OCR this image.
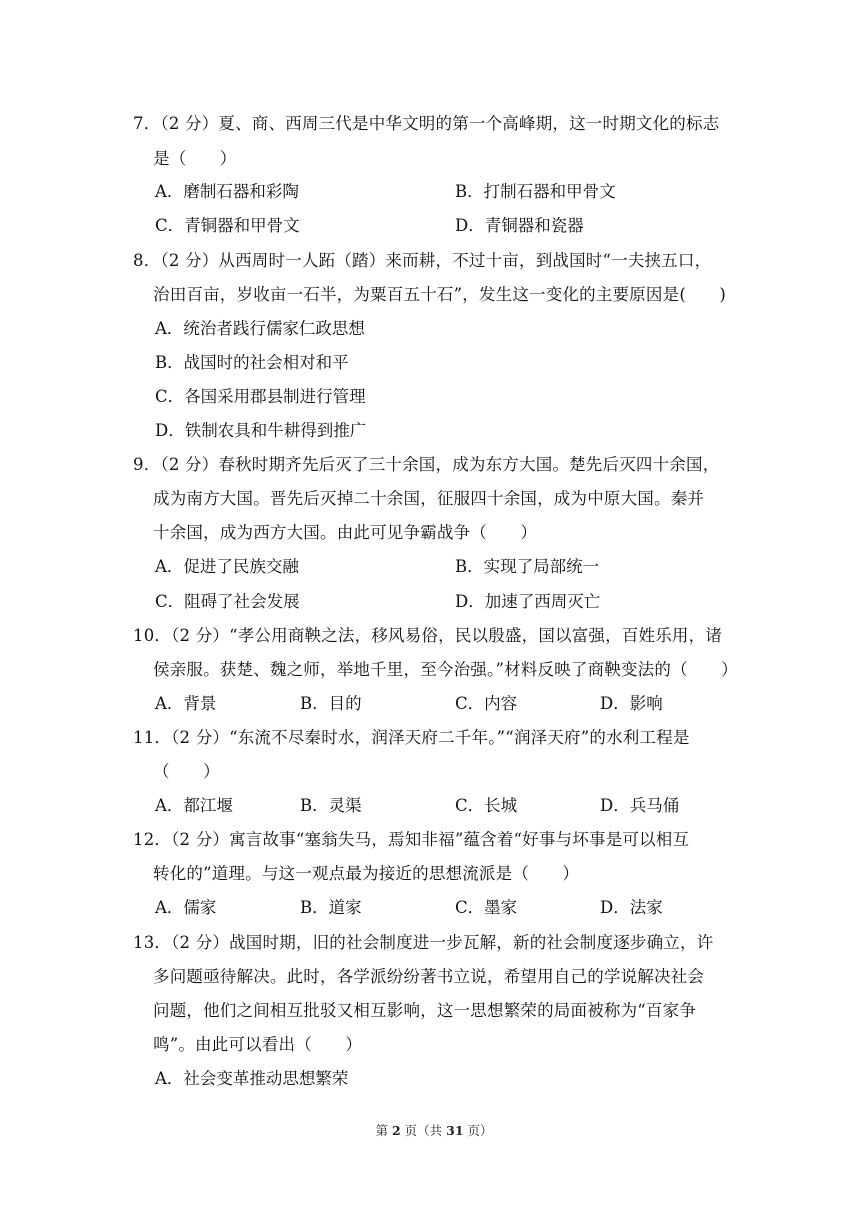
7．（2 分）夏、商、西周三代是中华文明的第一个高峰期，这一时期文化的标志
是（　　）
A．磨制石器和彩陶	B．打制石器和甲骨文
C．青铜器和甲骨文	D．青铜器和瓷器
8．（2 分）从西周时一人跖（踏）来而耕，不过十亩，到战国时“一夫挟五口，
治田百亩，岁收亩一石半，为粟百五十石”，发生这一变化的主要原因是(　　)
A．统治者践行儒家仁政思想
B．战国时的社会相对和平
C．各国采用郡县制进行管理
D．铁制农具和牛耕得到推广
9．（2 分）春秋时期齐先后灭了三十余国，成为东方大国。楚先后灭四十余国，
成为南方大国。晋先后灭掉二十余国，征服四十余国，成为中原大国。秦并
十余国，成为西方大国。由此可见争霸战争（　　）
A．促进了民族交融	B．实现了局部统一
C．阻碍了社会发展	D．加速了西周灭亡
10．（2 分）“孝公用商鞅之法，移风易俗，民以殷盛，国以富强，百姓乐用，诸
侯亲服。获楚、魏之师，举地千里，至今治强。”材料反映了商鞅变法的（　　）
A．背景	B．目的	C．内容	D．影响
11．（2 分）“东流不尽秦时水，润泽天府二千年。”“润泽天府”的水利工程是
（　　）
A．都江堰	B．灵渠	C．长城	D．兵马俑
12．（2 分）寓言故事“塞翁失马，焉知非福”蕴含着“好事与坏事是可以相互
转化的”道理。与这一观点最为接近的思想流派是（　　）
A．儒家	B．道家	C．墨家	D．法家
13．（2 分）战国时期，旧的社会制度进一步瓦解，新的社会制度逐步确立，许
多问题亟待解决。此时，各学派纷纷著书立说，希望用自己的学说解决社会
问题，他们之间相互批驳又相互影响，这一思想繁荣的局面被称为“百家争
鸣”。由此可以看出（　　）
A．社会变革推动思想繁荣
第 2 页（共 31 页）
